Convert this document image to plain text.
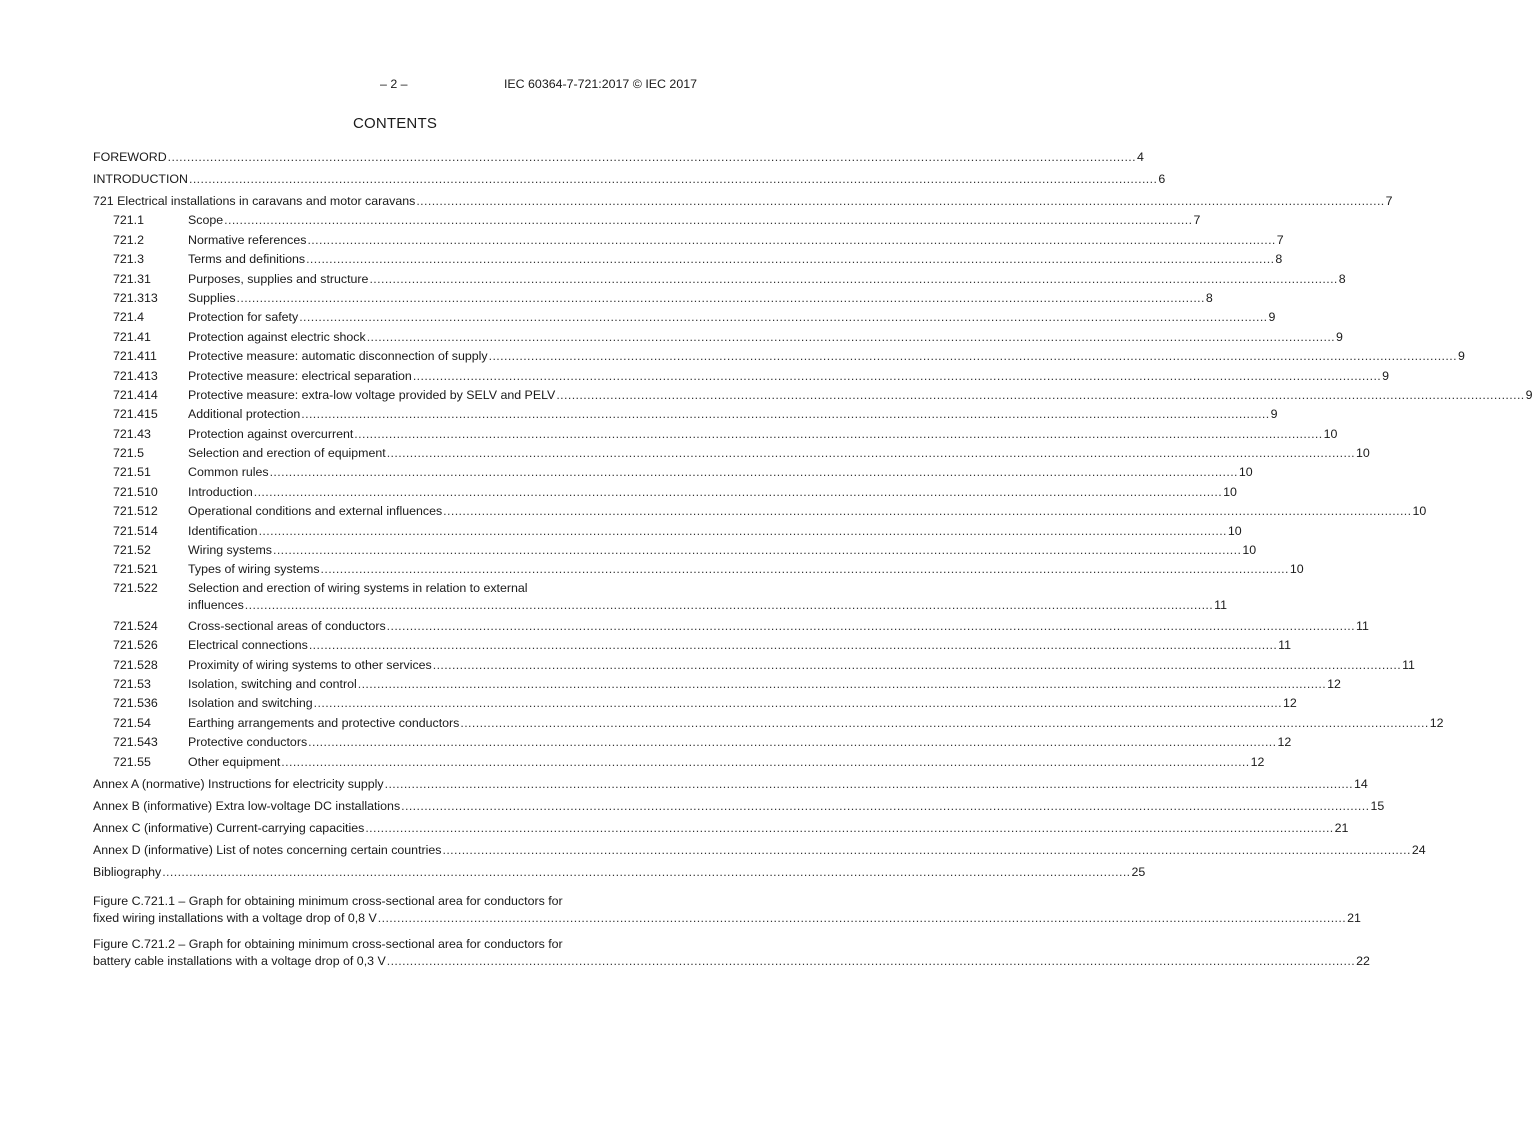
– 2 –	IEC 60364-7-721:2017 © IEC 2017
CONTENTS
FOREWORD .....	4
INTRODUCTION .....	6
721 Electrical installations in caravans and motor caravans .....	7
721.1	Scope .....	7
721.2	Normative references .....	7
721.3	Terms and definitions .....	8
721.31	Purposes, supplies and structure .....	8
721.313	Supplies .....	8
721.4	Protection for safety .....	9
721.41	Protection against electric shock .....	9
721.411	Protective measure: automatic disconnection of supply .....	9
721.413	Protective measure: electrical separation .....	9
721.414	Protective measure: extra-low voltage provided by SELV and PELV .....	9
721.415	Additional protection .....	9
721.43	Protection against overcurrent .....	10
721.5	Selection and erection of equipment .....	10
721.51	Common rules .....	10
721.510	Introduction .....	10
721.512	Operational conditions and external influences .....	10
721.514	Identification .....	10
721.52	Wiring systems .....	10
721.521	Types of wiring systems .....	10
721.522	Selection and erection of wiring systems in relation to external
influences .....	11
721.524	Cross-sectional areas of conductors .....	11
721.526	Electrical connections .....	11
721.528	Proximity of wiring systems to other services .....	11
721.53	Isolation, switching and control .....	12
721.536	Isolation and switching .....	12
721.54	Earthing arrangements and protective conductors .....	12
721.543	Protective conductors .....	12
721.55	Other equipment .....	12
Annex A (normative) Instructions for electricity supply .....	14
Annex B (informative) Extra low-voltage DC installations .....	15
Annex C (informative) Current-carrying capacities .....	21
Annex D (informative) List of notes concerning certain countries .....	24
Bibliography .....	25
Figure C.721.1 – Graph for obtaining minimum cross-sectional area for conductors for
fixed wiring installations with a voltage drop of 0,8 V .....	21
Figure C.721.2 – Graph for obtaining minimum cross-sectional area for conductors for
battery cable installations with a voltage drop of 0,3 V .....	22
